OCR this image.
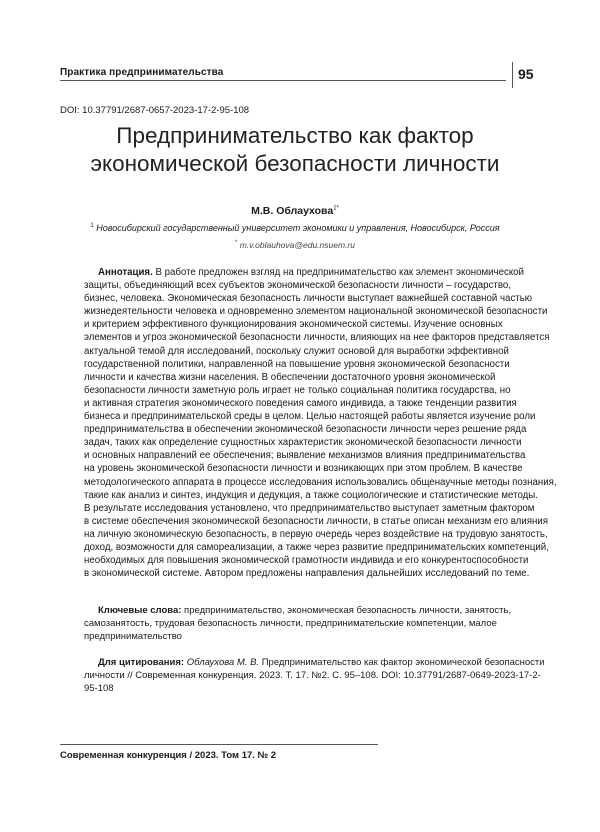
Практика предпринимательства	95
DOI: 10.37791/2687-0657-2023-17-2-95-108
Предпринимательство как фактор
экономической безопасности личности
М.В. Облаухова$^{1*}$
$^1$ Новосибирский государственный университет экономики и управления, Новосибирск, Россия
* m.v.oblauhova@edu.nsuem.ru
Аннотация. В работе предложен взгляд на предпринимательство как элемент экономической
защиты, объединяющий всех субъектов экономической безопасности личности – государство,
бизнес, человека. Экономическая безопасность личности выступает важнейшей составной частью
жизнедеятельности человека и одновременно элементом национальной экономической безопасности
и критерием эффективного функционирования экономической системы. Изучение основных
элементов и угроз экономической безопасности личности, влияющих на нее факторов представляется
актуальной темой для исследований, поскольку служит основой для выработки эффективной
государственной политики, направленной на повышение уровня экономической безопасности
личности и качества жизни населения. В обеспечении достаточного уровня экономической
безопасности личности заметную роль играет не только социальная политика государства, но
и активная стратегия экономического поведения самого индивида, а также тенденции развития
бизнеса и предпринимательской среды в целом. Целью настоящей работы является изучение роли
предпринимательства в обеспечении экономической безопасности личности через решение ряда
задач, таких как определение сущностных характеристик экономической безопасности личности
и основных направлений ее обеспечения; выявление механизмов влияния предпринимательства
на уровень экономической безопасности личности и возникающих при этом проблем. В качестве
методологического аппарата в процессе исследования использовались общенаучные методы познания,
такие как анализ и синтез, индукция и дедукция, а также социологические и статистические методы.
В результате исследования установлено, что предпринимательство выступает заметным фактором
в системе обеспечения экономической безопасности личности, в статье описан механизм его влияния
на личную экономическую безопасность, в первую очередь через воздействие на трудовую занятость,
доход, возможности для самореализации, а также через развитие предпринимательских компетенций,
необходимых для повышения экономической грамотности индивида и его конкурентоспособности
в экономической системе. Автором предложены направления дальнейших исследований по теме.
Ключевые слова: предпринимательство, экономическая безопасность личности, занятость,
самозанятость, трудовая безопасность личности, предпринимательские компетенции, малое
предпринимательство
Для цитирования: Облаухова М. В. Предпринимательство как фактор экономической безопасности
личности // Современная конкуренция. 2023. Т. 17. №2. С. 95–108. DOI: 10.37791/2687-0649-2023-17-2-
95-108
Современная конкуренция / 2023. Том 17. № 2
